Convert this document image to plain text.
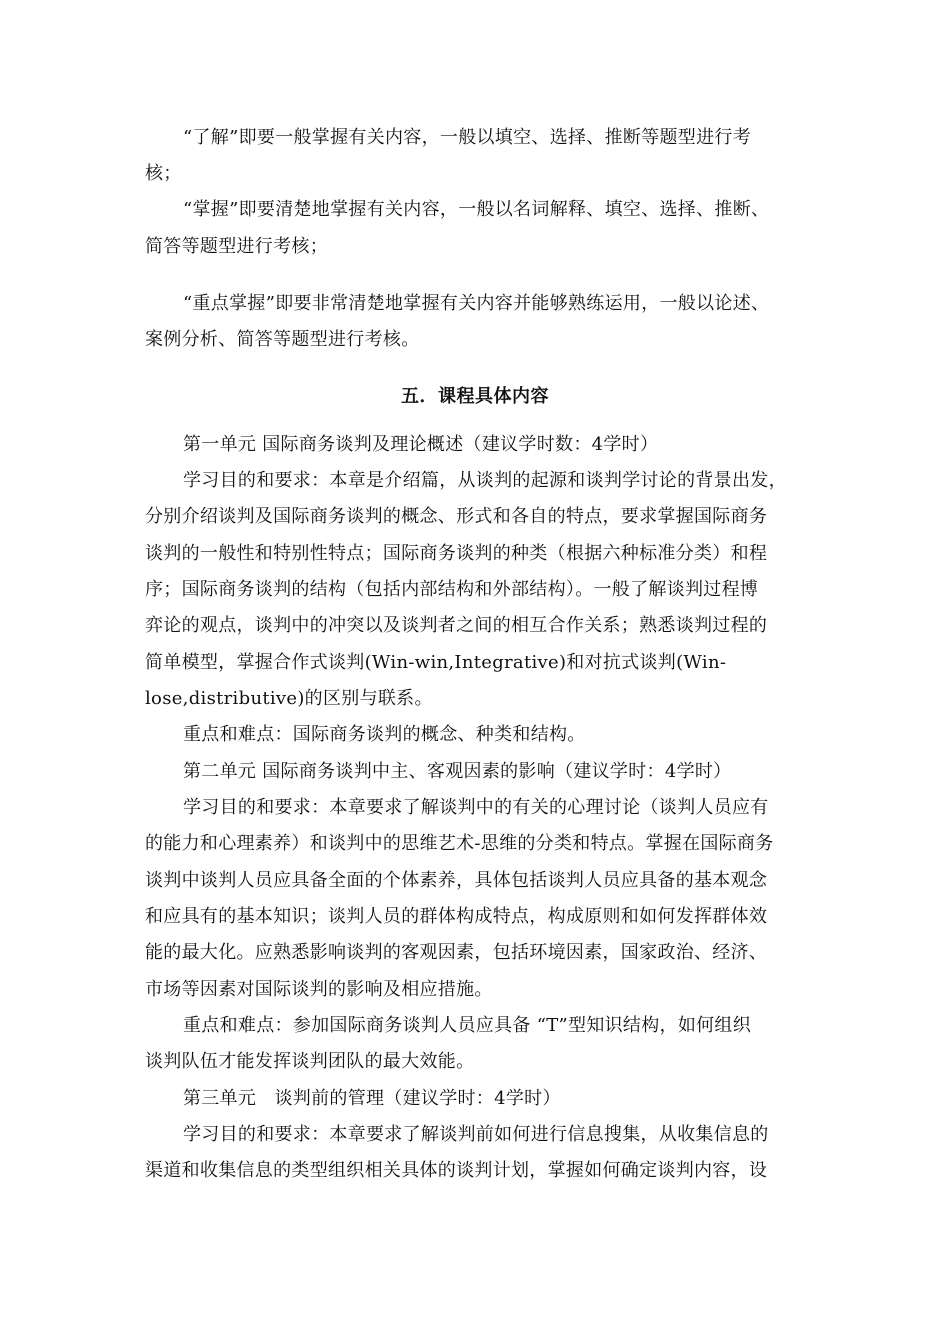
“了解”即要一般掌握有关内容，一般以填空、选择、推断等题型进行考
核；
“掌握”即要清楚地掌握有关内容，一般以名词解释、填空、选择、推断、
简答等题型进行考核；
“重点掌握”即要非常清楚地掌握有关内容并能够熟练运用，一般以论述、
案例分析、简答等题型进行考核。
五．课程具体内容
第一单元 国际商务谈判及理论概述（建议学时数：4学时）
学习目的和要求：本章是介绍篇，从谈判的起源和谈判学讨论的背景出发，
分别介绍谈判及国际商务谈判的概念、形式和各自的特点，要求掌握国际商务
谈判的一般性和特别性特点；国际商务谈判的种类（根据六种标准分类）和程
序；国际商务谈判的结构（包括内部结构和外部结构）。一般了解谈判过程博
弈论的观点，谈判中的冲突以及谈判者之间的相互合作关系；熟悉谈判过程的
简单模型，掌握合作式谈判(Win-win,Integrative)和对抗式谈判(Win-
lose,distributive)的区别与联系。
重点和难点：国际商务谈判的概念、种类和结构。
第二单元 国际商务谈判中主、客观因素的影响（建议学时：4学时）
学习目的和要求：本章要求了解谈判中的有关的心理讨论（谈判人员应有
的能力和心理素养）和谈判中的思维艺术-思维的分类和特点。掌握在国际商务
谈判中谈判人员应具备全面的个体素养，具体包括谈判人员应具备的基本观念
和应具有的基本知识；谈判人员的群体构成特点，构成原则和如何发挥群体效
能的最大化。应熟悉影响谈判的客观因素，包括环境因素，国家政治、经济、
市场等因素对国际谈判的影响及相应措施。
重点和难点：参加国际商务谈判人员应具备 “T”型知识结构，如何组织
谈判队伍才能发挥谈判团队的最大效能。
第三单元　谈判前的管理（建议学时：4学时）
学习目的和要求：本章要求了解谈判前如何进行信息搜集，从收集信息的
渠道和收集信息的类型组织相关具体的谈判计划，掌握如何确定谈判内容，设
